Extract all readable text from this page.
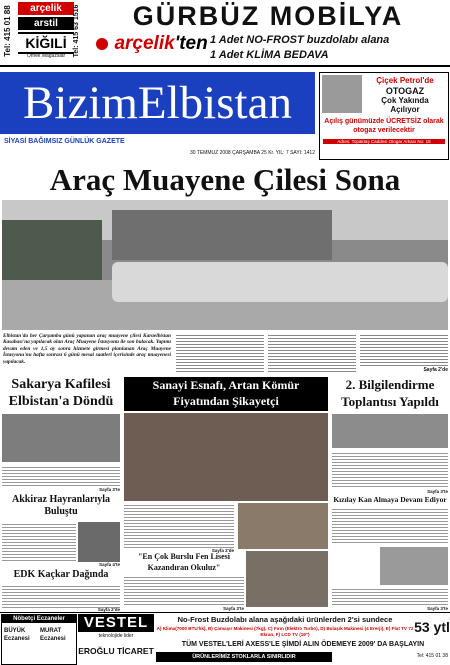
Tel: 415 01 88	arçelik
arstil
KİĞILİ
Örnek Mağazalar	Tel: 415 63 1516	GÜRBÜZ MOBİLYA
arçelik'ten 1 Adet NO-FROST buzdolabı alana
1 Adet KLİMA BEDAVA
BizimElbistan
SİYASİ BAĞIMSIZ GÜNLÜK GAZETE
30 TEMMUZ 2008 ÇARŞAMBA 25 Kr. YIL: 7 SAYI: 1412
Çiçek Petrol'de
OTOGAZ
Çok Yakında
Açılıyor
Açılış günümüzde ÜCRETSİZ olarak otogaz verilecektir
Adres: Topaktaş Caddesi Otogar Arkası No: 18
Araç Muayene Çilesi Sona
Elbistan'da her Çarşamba günü yapanan araç muayene çilesi Karaelbistan Kasabası'na yapılacak olan Araç Muayene İstasyonu ile son bulacak. Yapımı devam eden ve 1,5 ay sonra hizmete girmesi planlanan Araç Muayene İstasyonu'nu hafta sonrası 6 günü mesai saatleri içerisinde araç muayenesi yapılacak.
Sayfa 2'de
Sakarya Kafilesi Elbistan'a Döndü
Sayfa 3'te
Sanayi Esnafı, Artan Kömür Fiyatından Şikayetçi
Sayfa 2'de
2. Bilgilendirme Toplantısı Yapıldı
Sayfa 3'te
Akkiraz Hayranlarıyla Buluştu
Sayfa 4'te
Kızılay Kan Almaya Devam Ediyor
Sayfa 3'te
EDK Kaçkar Dağında
Sayfa 2'de
"En Çok Burslu Fen Lisesi Kazandıran Okuluz"
Sayfa 3'te
Nöbetçi Eczaneler
BÜYÜK Eczanesi
MURAT Eczanesi
VESTEL
teknolojide lider
EROĞLU TİCARET
No-Frost Buzdolabı alana aşağıdaki ürünlerden 2'si sundece	53 ytl
A) Klima(7000 BTU'lık), B) Çamaşır Makinesi (7kg), C) Fırın (Elektro Turbo), D) Bulaşık Makinesi (4 Ererji), E) Flat TV 72 Ekran, F) LCD TV (19")
TÜM VESTEL'LERİ AXESS'LE ŞİMDİ ALIN ÖDEMEYE 2009' DA BAŞLAYIN
ÜRÜNLERİMİZ STOKLARLA SINIRLIDIR	Tel: 415 01 38
